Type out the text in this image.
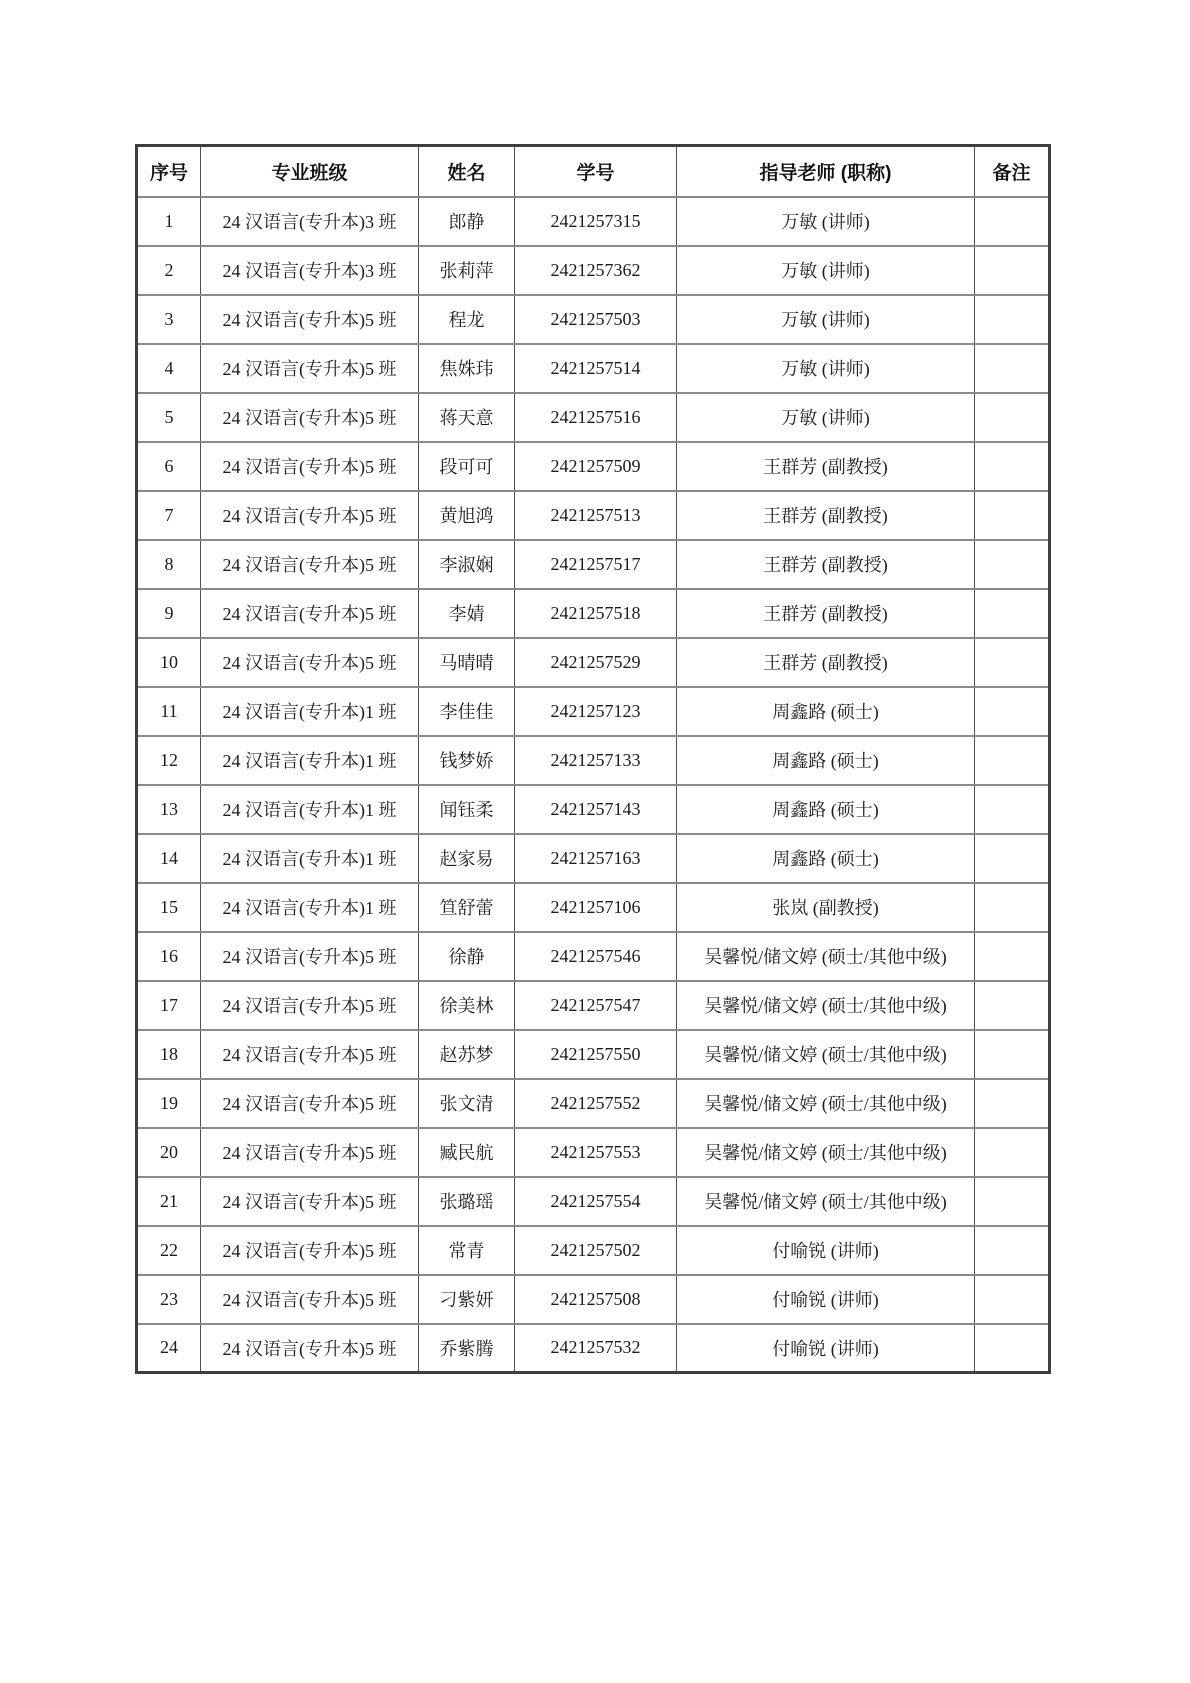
序号	专业班级	姓名	学号	指导老师 (职称)	备注
1	24 汉语言(专升本)3 班	郎静	2421257315	万敏 (讲师)	
2	24 汉语言(专升本)3 班	张莉萍	2421257362	万敏 (讲师)	
3	24 汉语言(专升本)5 班	程龙	2421257503	万敏 (讲师)	
4	24 汉语言(专升本)5 班	焦姝玮	2421257514	万敏 (讲师)	
5	24 汉语言(专升本)5 班	蒋天意	2421257516	万敏 (讲师)	
6	24 汉语言(专升本)5 班	段可可	2421257509	王群芳 (副教授)	
7	24 汉语言(专升本)5 班	黄旭鸿	2421257513	王群芳 (副教授)	
8	24 汉语言(专升本)5 班	李淑娴	2421257517	王群芳 (副教授)	
9	24 汉语言(专升本)5 班	李婧	2421257518	王群芳 (副教授)	
10	24 汉语言(专升本)5 班	马晴晴	2421257529	王群芳 (副教授)	
11	24 汉语言(专升本)1 班	李佳佳	2421257123	周鑫路 (硕士)	
12	24 汉语言(专升本)1 班	钱梦娇	2421257133	周鑫路 (硕士)	
13	24 汉语言(专升本)1 班	闻钰柔	2421257143	周鑫路 (硕士)	
14	24 汉语言(专升本)1 班	赵家易	2421257163	周鑫路 (硕士)	
15	24 汉语言(专升本)1 班	笪舒蕾	2421257106	张岚 (副教授)	
16	24 汉语言(专升本)5 班	徐静	2421257546	吴馨悦/储文婷 (硕士/其他中级)	
17	24 汉语言(专升本)5 班	徐美林	2421257547	吴馨悦/储文婷 (硕士/其他中级)	
18	24 汉语言(专升本)5 班	赵苏梦	2421257550	吴馨悦/储文婷 (硕士/其他中级)	
19	24 汉语言(专升本)5 班	张文清	2421257552	吴馨悦/储文婷 (硕士/其他中级)	
20	24 汉语言(专升本)5 班	臧民航	2421257553	吴馨悦/储文婷 (硕士/其他中级)	
21	24 汉语言(专升本)5 班	张璐瑶	2421257554	吴馨悦/储文婷 (硕士/其他中级)	
22	24 汉语言(专升本)5 班	常青	2421257502	付喻锐 (讲师)	
23	24 汉语言(专升本)5 班	刁紫妍	2421257508	付喻锐 (讲师)	
24	24 汉语言(专升本)5 班	乔紫腾	2421257532	付喻锐 (讲师)	
